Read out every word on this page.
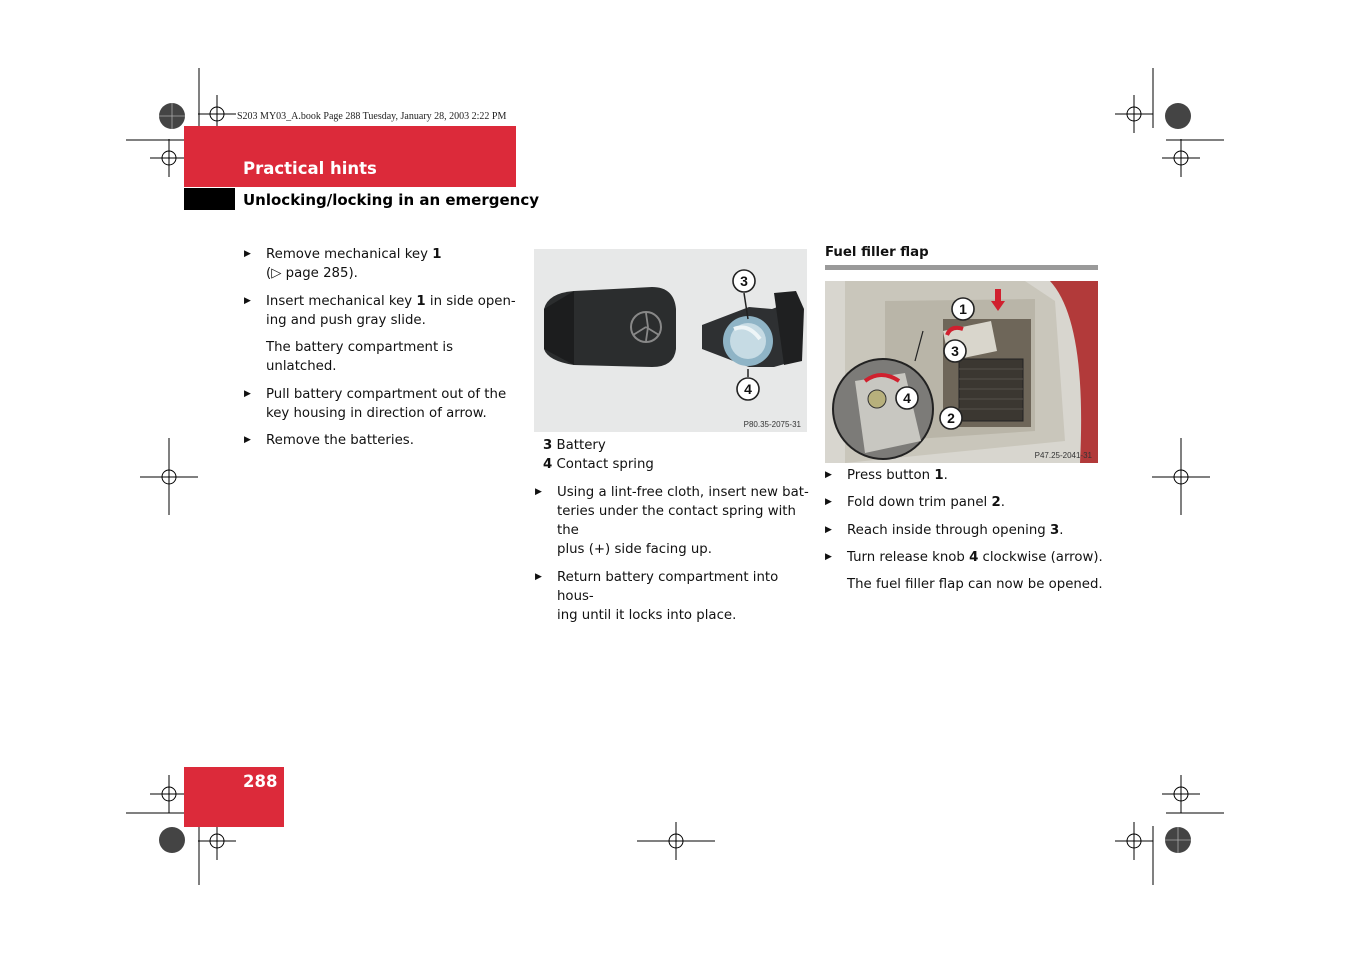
S203 MY03_A.book Page 288 Tuesday, January 28, 2003 2:22 PM
Practical hints
Unlocking/locking in an emergency
▶ Remove mechanical key 1
(▷ page 285).
▶ Insert mechanical key 1 in side open-
ing and push gray slide.
The battery compartment is unlatched.
▶ Pull battery compartment out of the
key housing in direction of arrow.
▶ Remove the batteries.
3
4
P80.35-2075-31
3 Battery
4 Contact spring
▶ Using a lint-free cloth, insert new bat-
teries under the contact spring with the
plus (+) side facing up.
▶ Return battery compartment into hous-
ing until it locks into place.
Fuel filler flap
1
3
4
2
P47.25-2041-31
▶ Press button 1.
▶ Fold down trim panel 2.
▶ Reach inside through opening 3.
▶ Turn release knob 4 clockwise (arrow).
The fuel filler flap can now be opened.
288
